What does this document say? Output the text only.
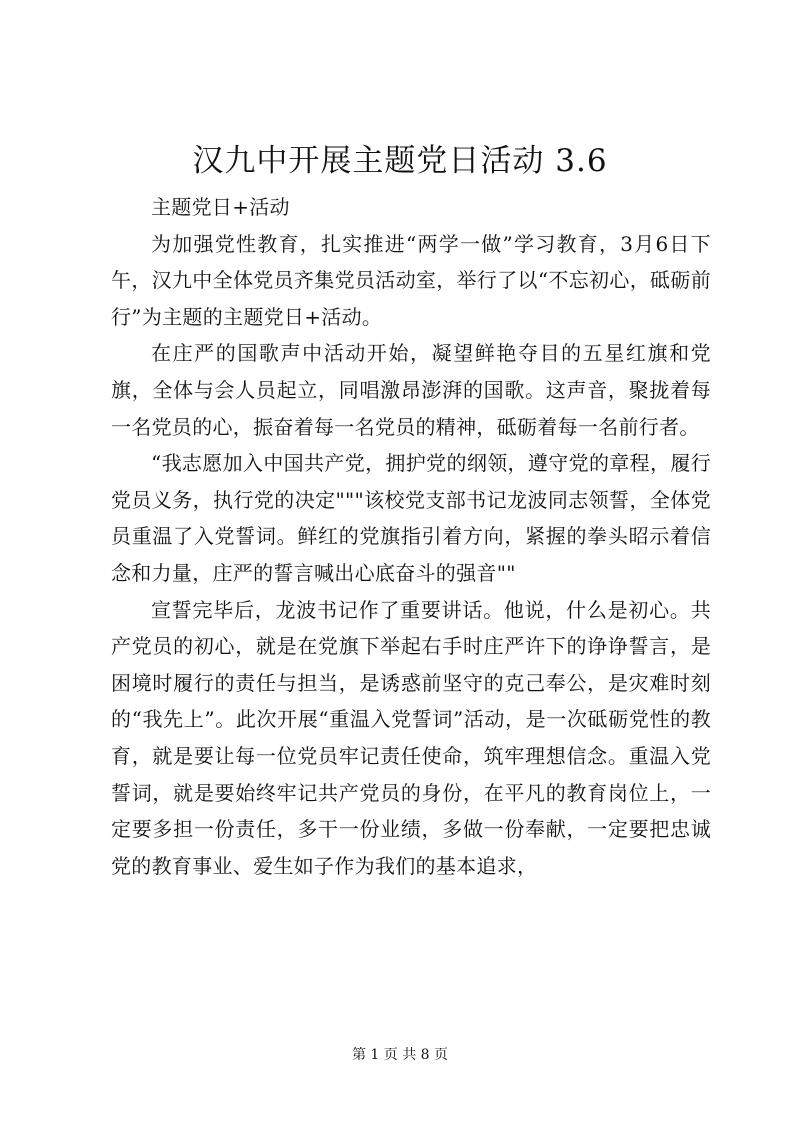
汉九中开展主题党日活动 3.6

主题党日+活动

为加强党性教育，扎实推进“两学一做”学习教育，3月6日下午，汉九中全体党员齐集党员活动室，举行了以“不忘初心，砥砺前行”为主题的主题党日+活动。

在庄严的国歌声中活动开始，凝望鲜艳夺目的五星红旗和党旗，全体与会人员起立，同唱激昂澎湃的国歌。这声音，聚拢着每一名党员的心，振奋着每一名党员的精神，砥砺着每一名前行者。

“我志愿加入中国共产党，拥护党的纲领，遵守党的章程，履行党员义务，执行党的决定"""该校党支部书记龙波同志领誓，全体党员重温了入党誓词。鲜红的党旗指引着方向，紧握的拳头昭示着信念和力量，庄严的誓言喊出心底奋斗的强音""

宣誓完毕后，龙波书记作了重要讲话。他说，什么是初心。共产党员的初心，就是在党旗下举起右手时庄严许下的诤诤誓言，是困境时履行的责任与担当，是诱惑前坚守的克己奉公，是灾难时刻的“我先上”。此次开展“重温入党誓词”活动，是一次砥砺党性的教育，就是要让每一位党员牢记责任使命，筑牢理想信念。重温入党誓词，就是要始终牢记共产党员的身份，在平凡的教育岗位上，一定要多担一份责任，多干一份业绩，多做一份奉献，一定要把忠诚党的教育事业、爱生如子作为我们的基本追求，

第 1 页 共 8 页
